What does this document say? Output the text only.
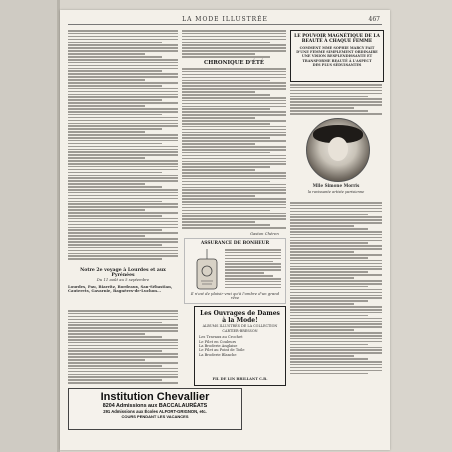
LA MODE ILLUSTRÉE	467
Notre 2e voyage à Lourdes et aux Pyrénées
Du 11 août au 5 septembre
Lourdes, Pau, Biarritz, Bordeaux, San-Sébastian, Cauterets, Gavarnie, Bagnères-de-Luchon...
Institution Chevallier
8204 Admissions aux BACCALAURÉATS
291 Admissions aux Écoles ALFORT-GRIGNON, etc.
COURS PENDANT LES VACANCES
CHRONIQUE D'ÉTÉ
Gaston Chéren
ASSURANCE DE BONHEUR
Il n'est de plaisir vrai qu'à l'ombre d'un grand rêve
Les Ouvrages de Dames
à la Mode!
ALBUMS ILLUSTRÉS DE LA COLLECTION CARTIER-BRESSON
Les Travaux au Crochet
Le Filet en Couleurs
La Broderie Anglaise
Le Filet au Point de Toile
La Broderie Blanche
FIL DE LIN BRILLANT C.B.
LE POUVOIR MAGNÉTIQUE DE LA
BEAUTÉ À CHAQUE FEMME
COMMENT MME SOPHIE MARCY FAIT
D'UNE FEMME SIMPLEMENT ORDINAIRE
UNE VISION RESPLENDISSANTE ET
TRANSFORME BEAUTÉ À L'ASPECT
DES PLUS SÉDUISANTES
Mlle Simone Morris
la ravissante artiste parisienne
